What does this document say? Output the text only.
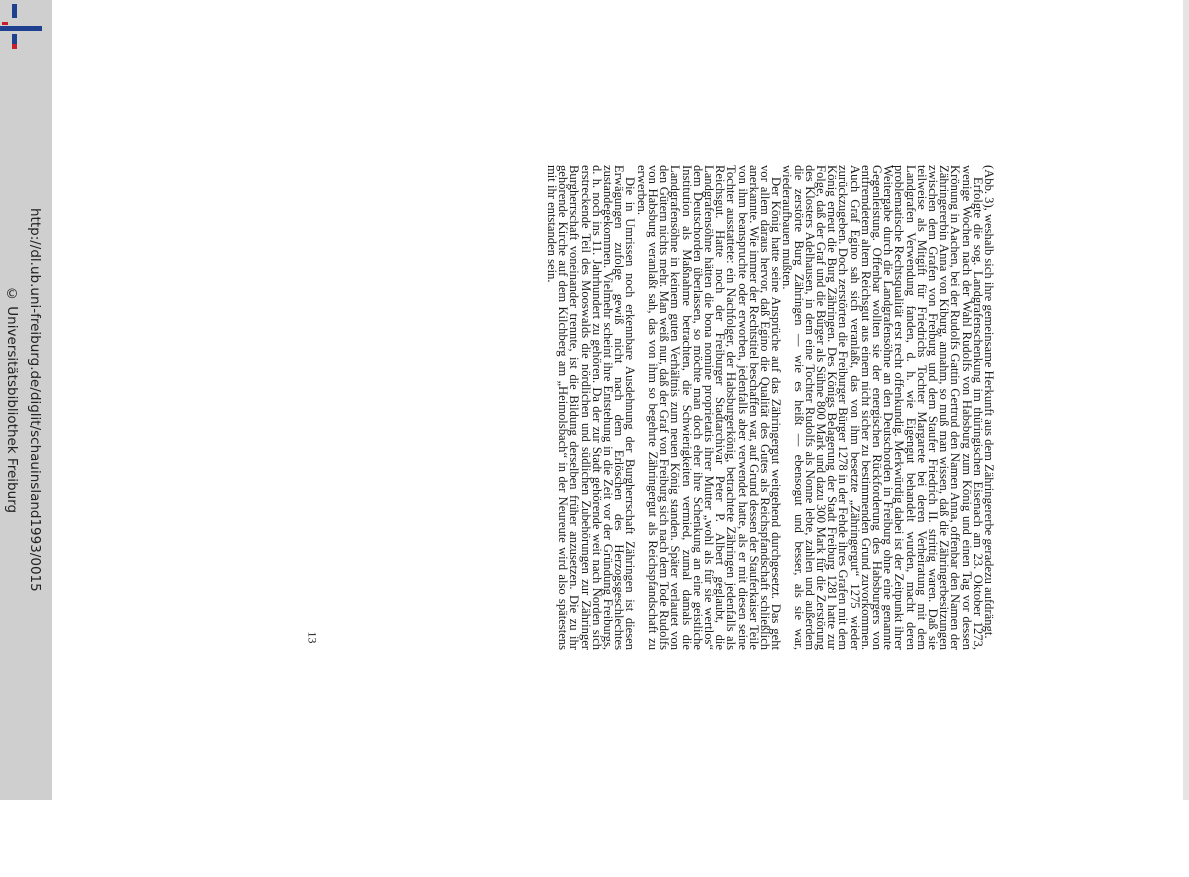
http://dl.ub.uni-freiburg.de/diglit/schauinsland1993/0015
© Universitätsbibliothek Freiburg	(Abb. 3), weshalb sich ihre gemeinsame Herkunft aus dem Zähringererbe geradezu aufdrängt.

Erfolgte die sog. Landgrafenschenkung im thüringischen Eisenach am 23. Oktober 1273, wenige Wochen nach der Wahl Rudolfs von Habsburg zum König und einen Tag vor dessen Krönung in Aachen, bei der Rudolfs Gattin Gertrud den Namen Anna, offenbar den Namen der Zähringererbin Anna von Kiburg, annahm, so muß man wissen, daß die Zähringerbesitzungen zwischen dem Grafen von Freiburg und dem Staufer Friedrich II. strittig waren. Daß sie teilweise als Mitgift für Friedrichs Tochter Margarete bei deren Verheiratung mit dem Landgrafen Verwendung fanden, d. h. wie Eigengut behandelt wurden, macht deren problematische Rechtsqualität erst recht offenkundig. Merkwürdig dabei ist der Zeitpunkt ihrer Weitergabe durch die Landgrafensöhne an den Deutschorden in Freiburg ohne eine genannte Gegenleistung. Offenbar wollten sie der energischen Rückforderung des Habsburgers von entfremdetem altem Reichsgut aus einem nicht sicher zu bestimmenden Grund zuvorkommen. Auch Graf Egino sah sich veranlaßt, das von ihm besetzte „Zähringergut“ 1275 wieder zurückzugeben. Doch zerstörten die Freiburger Bürger 1278 in der Fehde ihres Grafen mit dem König erneut die Burg Zähringen. Des Königs Belagerung der Stadt Freiburg 1281 hatte zur Folge, daß der Graf und die Bürger als Sühne 800 Mark und dazu 300 Mark für die Zerstörung des Klosters Adelhausen, in dem eine Tochter Rudolfs als Nonne lebte, zahlen und außerdem die zerstörte Burg Zähringen — wie es heißt — ebensogut und besser, als sie war, wiederaufbauen mußten.

Der König hatte seine Ansprüche auf das Zähringergut weitgehend durchgesetzt. Das geht vor allem daraus hervor, daß Egino die Qualität des Gutes als Reichspfandschaft schließlich anerkannte. Wie immer der Rechtstitel beschaffen war, auf Grund dessen der Stauferkaiser Teile von ihm beanspruchte oder erworben, jedenfalls aber verwendet hatte, als er mit diesen seine Tochter ausstattete: ein Nachfolger, der Habsburgerkönig, betrachtete Zähringen jedenfalls als Reichsgut. Hatte noch der Freiburger Stadtarchivar Peter P. Albert geglaubt, die Landgrafensöhne hätten die bona nomine proprietatis ihrer Mutter „wohl als für sie wertlos“ dem Deutschorden überlassen, so möchte man doch eher ihre Schenkung an eine geistliche Institution als Maßnahme betrachten, die Schwierigkeiten vermied, zumal damals die Landgrafensöhne in keinem guten Verhältnis zum neuen König standen. Später verlautet von den Gütern nichts mehr. Man weiß nur, daß der Graf von Freiburg sich nach dem Tode Rudolfs von Habsburg veranlaßt sah, das von ihm so begehrte Zähringergut als Reichspfandschaft zu erwerben.

Die in Umrissen noch erkennbare Ausdehnung der Burgherrschaft Zähringen ist diesen Erwägungen zufolge gewiß nicht nach dem Erlöschen des Herzogsgeschlechtes zustandegekommen. Vielmehr scheint ihre Entstehung in die Zeit vor der Gründung Freiburgs, d. h. noch ins 11. Jahrhundert zu gehören. Da der zur Stadt gehörende weit nach Norden sich erstreckende Teil des Mooswalds die nördlichen und südlichen Zubehörungen zur Zähringer Burgherrschaft voneinander trennte, ist die Bildung derselben früher anzusetzen. Die zu ihr gehörende Kirche auf dem Kilchberg am „Heimolsbach“ in der Neureute wird also spätestens mit ihr entstanden sein.

13
